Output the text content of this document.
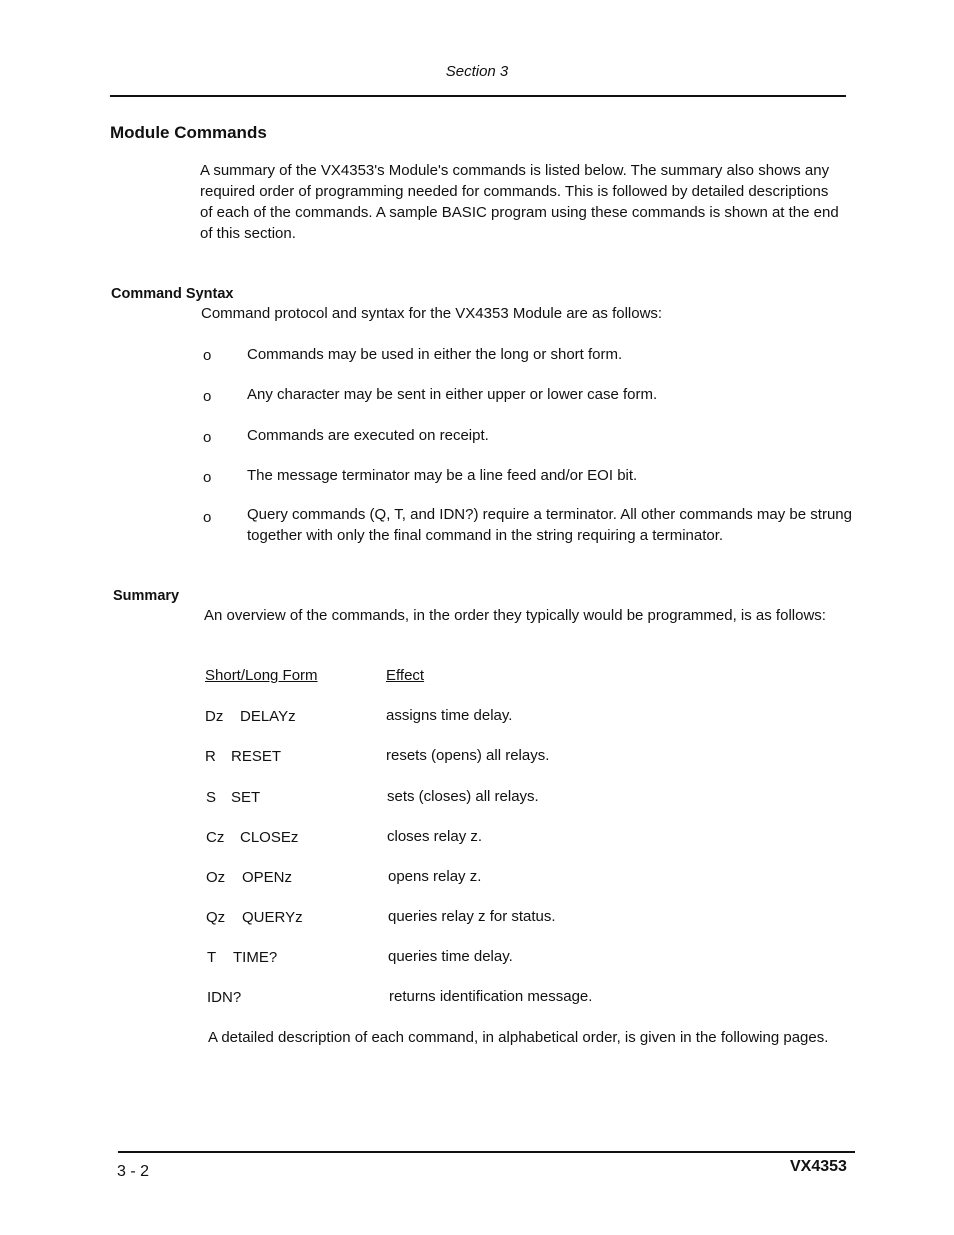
Section 3
Module Commands
A summary of the VX4353's Module's commands is listed below. The summary also shows any required order of programming needed for commands. This is followed by detailed descriptions of each of the commands. A sample BASIC program using these commands is shown at the end of this section.
Command Syntax
Command protocol and syntax for the VX4353 Module are as follows:
o Commands may be used in either the long or short form.
o Any character may be sent in either upper or lower case form.
o Commands are executed on receipt.
o The message terminator may be a line feed and/or EOI bit.
o Query commands (Q, T, and IDN?) require a terminator. All other commands may be strung together with only the final command in the string requiring a terminator.
Summary
An overview of the commands, in the order they typically would be programmed, is as follows:
Short/Long Form	Effect
Dz DELAYz	assigns time delay.
R RESET	resets (opens) all relays.
S SET	sets (closes) all relays.
Cz CLOSEz	closes relay z.
Oz OPENz	opens relay z.
Qz QUERYz	queries relay z for status.
T TIME?	queries time delay.
IDN?	returns identification message.
A detailed description of each command, in alphabetical order, is given in the following pages.
3 - 2	VX4353
